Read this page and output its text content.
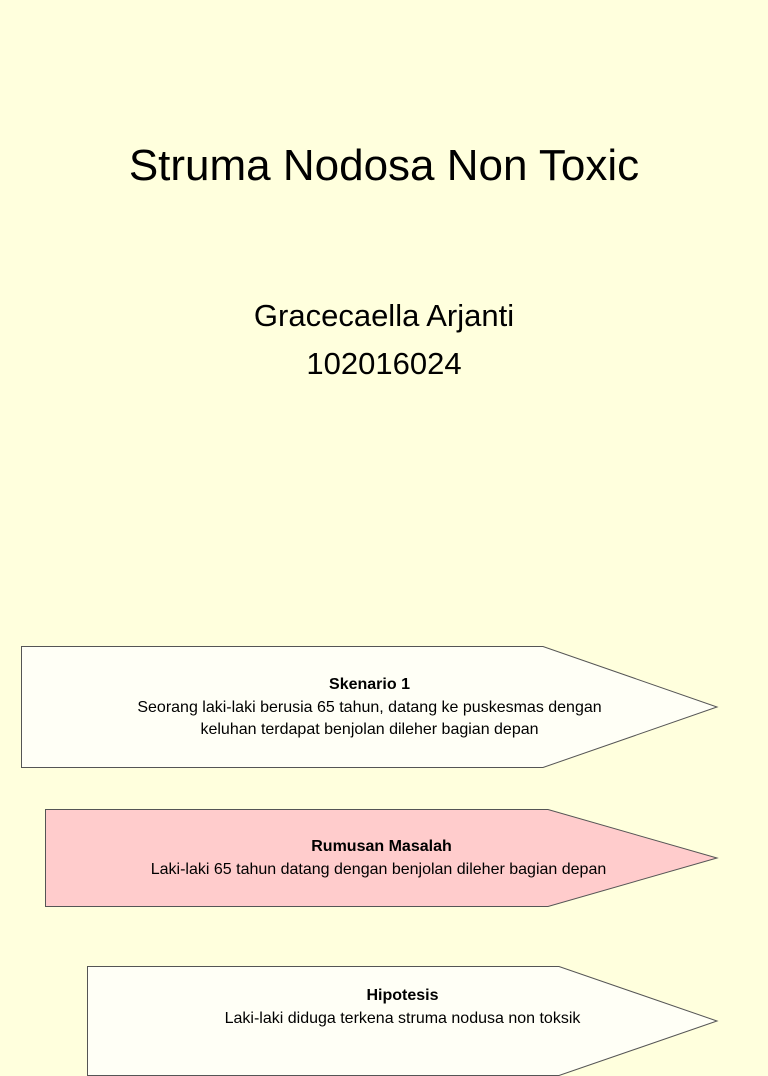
Struma Nodosa Non Toxic
Gracecaella Arjanti
102016024
Skenario 1
Seorang laki-laki berusia 65 tahun, datang ke puskesmas dengan
keluhan terdapat benjolan dileher bagian depan
Rumusan Masalah
Laki-laki 65 tahun datang dengan benjolan dileher bagian depan
Hipotesis
Laki-laki diduga terkena struma nodusa non toksik
